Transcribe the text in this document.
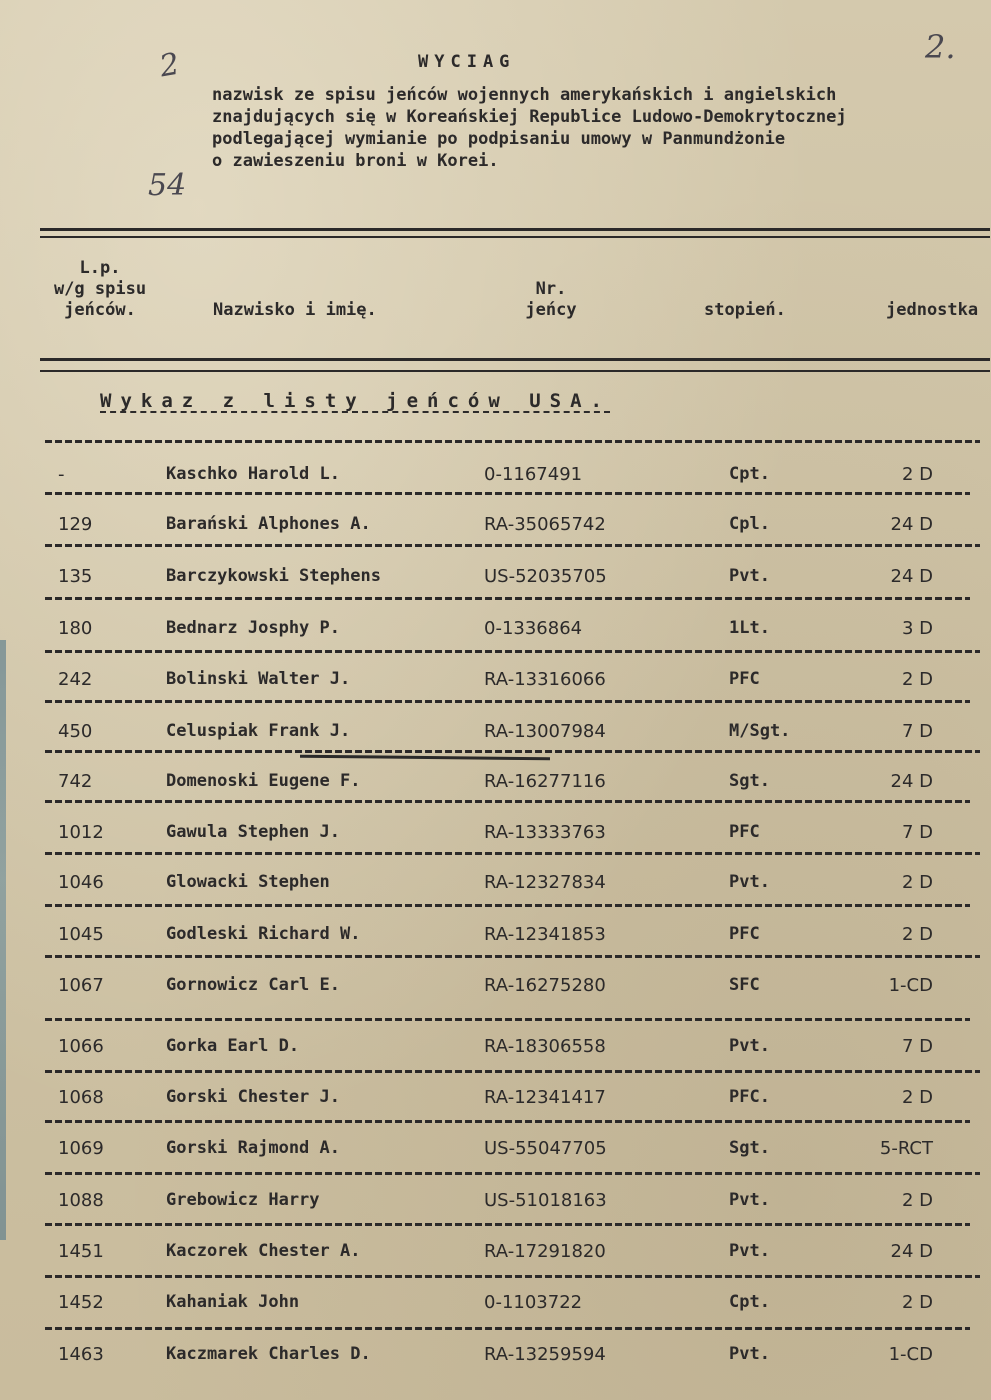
WYCIAG
nazwisk ze spisu jeńców wojennych amerykańskich i angielskich
znajdujących się w Koreańskiej Republice Ludowo-Demokrytocznej
podlegającej wymianie po podpisaniu umowy w Panmundżonie
o zawieszeniu broni w Korei.
2	2.
54
L.p.
w/g spisu
jeńców.	Nazwisko i imię.
Nr.
jeńcy	stopień.	jednostka
Wykaz z listy jeńców USA.
-	Kaschko Harold L.	0-1167491	Cpt.	2 D
129	Barański Alphones A.	RA-35065742	Cpl.	24 D
135	Barczykowski Stephens	US-52035705	Pvt.	24 D
180	Bednarz Josphy P.	0-1336864	1Lt.	3 D
242	Bolinski Walter J.	RA-13316066	PFC	2 D
450	Celuspiak Frank J.	RA-13007984	M/Sgt.	7 D
742	Domenoski Eugene F.	RA-16277116	Sgt.	24 D
1012	Gawula Stephen J.	RA-13333763	PFC	7 D
1046	Glowacki Stephen	RA-12327834	Pvt.	2 D
1045	Godleski Richard W.	RA-12341853	PFC	2 D
1067	Gornowicz Carl E.	RA-16275280	SFC	1-CD
1066	Gorka Earl D.	RA-18306558	Pvt.	7 D
1068	Gorski Chester J.	RA-12341417	PFC.	2 D
1069	Gorski Rajmond A.	US-55047705	Sgt.	5-RCT
1088	Grebowicz Harry	US-51018163	Pvt.	2 D
1451	Kaczorek Chester A.	RA-17291820	Pvt.	24 D
1452	Kahaniak John	0-1103722	Cpt.	2 D
1463	Kaczmarek Charles D.	RA-13259594	Pvt.	1-CD
